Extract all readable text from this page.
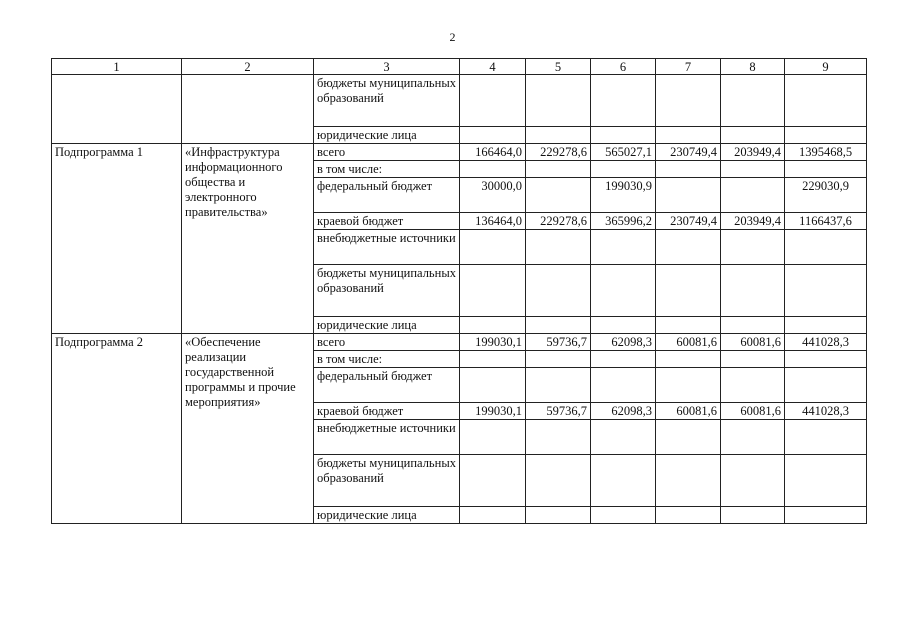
2
1	2	3	4	5	6	7	8	9
		бюджеты муниципальных образований						
		юридические лица						
Подпрограмма 1	«Инфраструктура информационного общества и электронного правительства»	всего	166464,0	229278,6	565027,1	230749,4	203949,4	1395468,5
		в том числе:						
		федеральный бюджет	30000,0		199030,9			229030,9
		краевой бюджет	136464,0	229278,6	365996,2	230749,4	203949,4	1166437,6
		внебюджетные источники						
		бюджеты муниципальных образований						
		юридические лица						
Подпрограмма 2	«Обеспечение реализации государственной программы и прочие мероприятия»	всего	199030,1	59736,7	62098,3	60081,6	60081,6	441028,3
		в том числе:						
		федеральный бюджет						
		краевой бюджет	199030,1	59736,7	62098,3	60081,6	60081,6	441028,3
		внебюджетные источники						
		бюджеты муниципальных образований						
		юридические лица						
